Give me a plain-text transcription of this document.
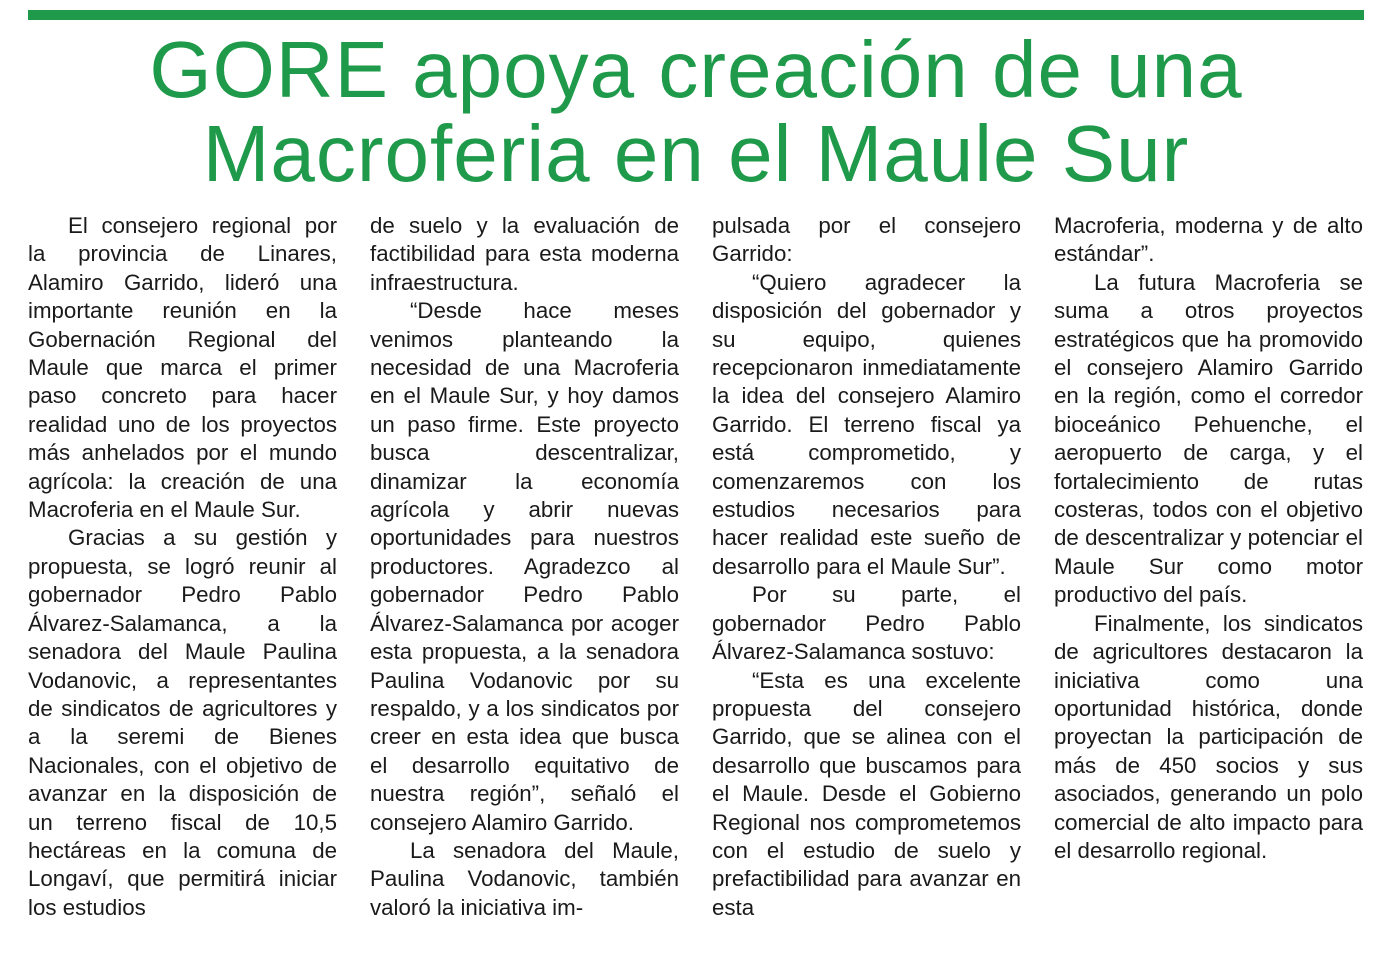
GORE apoya creación de una
Macroferia en el Maule Sur

El consejero regional por la provincia de Linares, Alamiro Garrido, lideró una importante reunión en la Gobernación Regional del Maule que marca el primer paso concreto para hacer realidad uno de los proyectos más anhelados por el mundo agrícola: la creación de una Macroferia en el Maule Sur.

Gracias a su gestión y propuesta, se logró reunir al gobernador Pedro Pablo Álvarez-Salamanca, a la senadora del Maule Paulina Vodanovic, a representantes de sindicatos de agricultores y a la seremi de Bienes Nacionales, con el objetivo de avanzar en la disposición de un terreno fiscal de 10,5 hectáreas en la comuna de Longaví, que permitirá iniciar los estudios

de suelo y la evaluación de factibilidad para esta moderna infraestructura.

“Desde hace meses venimos planteando la necesidad de una Macroferia en el Maule Sur, y hoy damos un paso firme. Este proyecto busca descentralizar, dinamizar la economía agrícola y abrir nuevas oportunidades para nuestros productores. Agradezco al gobernador Pedro Pablo Álvarez-Salamanca por acoger esta propuesta, a la senadora Paulina Vodanovic por su respaldo, y a los sindicatos por creer en esta idea que busca el desarrollo equitativo de nuestra región”, señaló el consejero Alamiro Garrido.

La senadora del Maule, Paulina Vodanovic, también valoró la iniciativa im-

pulsada por el consejero Garrido:

“Quiero agradecer la disposición del gobernador y su equipo, quienes recepcionaron inmediatamente la idea del consejero Alamiro Garrido. El terreno fiscal ya está comprometido, y comenzaremos con los estudios necesarios para hacer realidad este sueño de desarrollo para el Maule Sur”.

Por su parte, el gobernador Pedro Pablo Álvarez-Salamanca sostuvo:

“Esta es una excelente propuesta del consejero Garrido, que se alinea con el desarrollo que buscamos para el Maule. Desde el Gobierno Regional nos comprometemos con el estudio de suelo y prefactibilidad para avanzar en esta

Macroferia, moderna y de alto estándar”.

La futura Macroferia se suma a otros proyectos estratégicos que ha promovido el consejero Alamiro Garrido en la región, como el corredor bioceánico Pehuenche, el aeropuerto de carga, y el fortalecimiento de rutas costeras, todos con el objetivo de descentralizar y potenciar el Maule Sur como motor productivo del país.

Finalmente, los sindicatos de agricultores destacaron la iniciativa como una oportunidad histórica, donde proyectan la participación de más de 450 socios y sus asociados, generando un polo comercial de alto impacto para el desarrollo regional.
